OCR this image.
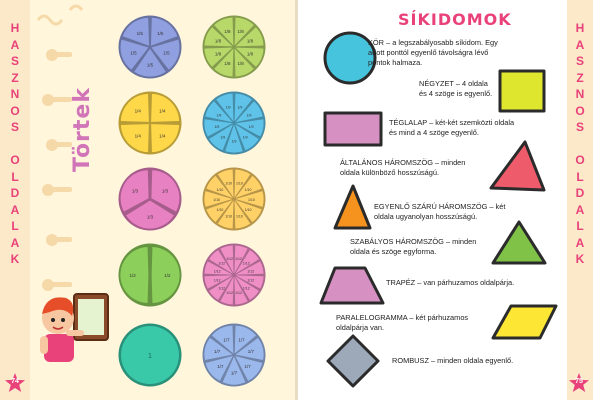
H
A
S
Z
N
O
S
O
L
D
A
L
A
K
H
A
S
Z
N
O
S
O
L
D
A
L
A
K
Törtek
1/5
1/5
1/5
1/5
1/5	1/8
1/8
1/8
1/8
1/8
1/8
1/8
1/8
1/4
1/4
1/4
1/4
1/9
1/9
1/9
1/9
1/9
1/9
1/9
1/9
1/9
1/3
1/3
1/3
1/10
1/10
1/10
1/10
1/10
1/10
1/10
1/10
1/10
1/10
1/2
1/2
1/12
1/12
1/12
1/12
1/12
1/12
1/12
1/12
1/12
1/12
1/12
1/12
1
1/7
1/7
1/7
1/7
1/7
1/7
1/7
74	75
SÍKIDOMOK
KÖR – a legszabályosabb síkidom. Egy
adott ponttól egyenlő távolságra lévő
pontok halmaza.
NÉGYZET – 4 oldala
és 4 szöge is egyenlő.
TÉGLALAP – két-két szemközti oldala
és mind a 4 szöge egyenlő.
ÁLTALÁNOS HÁROMSZÖG – minden
oldala különböző hosszúságú.
EGYENLŐ SZÁRÚ HÁROMSZÖG – két
oldala ugyanolyan hosszúságú.
SZABÁLYOS HÁROMSZÖG – minden
oldala és szöge egyforma.
TRAPÉZ – van párhuzamos oldalpárja.
PARALELOGRAMMA – két párhuzamos
oldalpárja van.
ROMBUSZ – minden oldala egyenlő.
